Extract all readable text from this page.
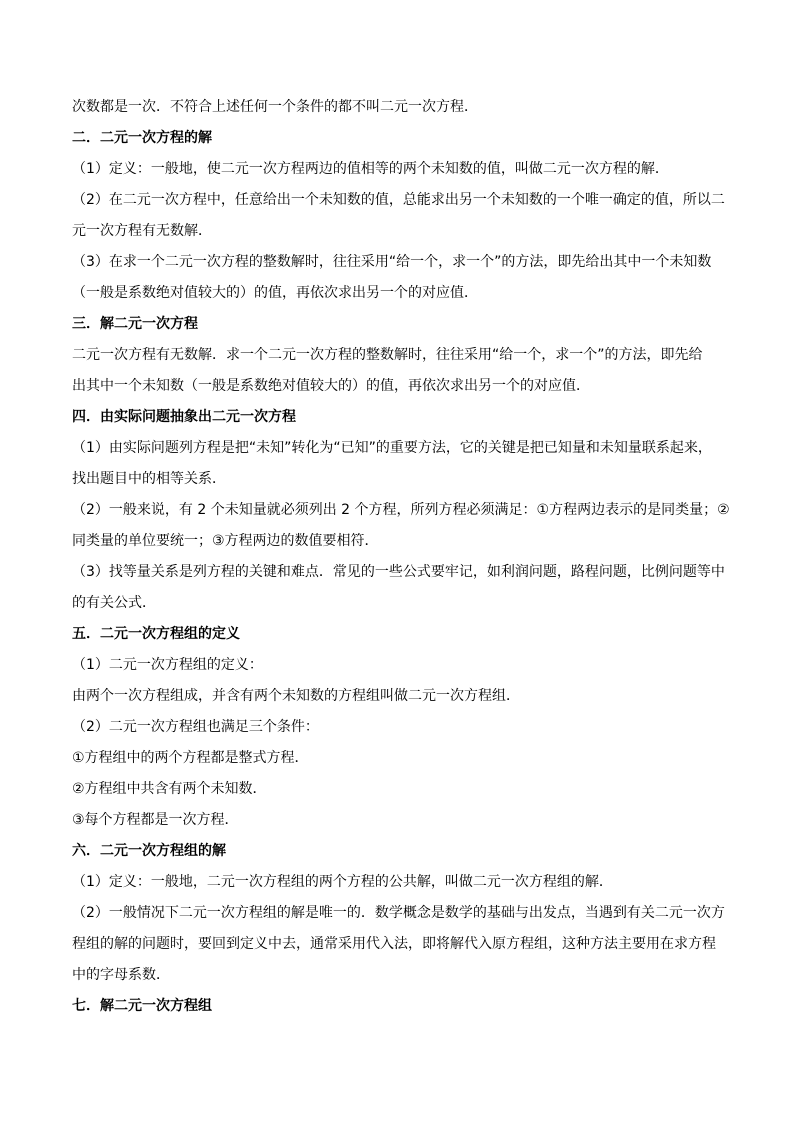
次数都是一次．不符合上述任何一个条件的都不叫二元一次方程．

二．二元一次方程的解

（1）定义：一般地，使二元一次方程两边的值相等的两个未知数的值，叫做二元一次方程的解．

（2）在二元一次方程中，任意给出一个未知数的值，总能求出另一个未知数的一个唯一确定的值，所以二

元一次方程有无数解．

（3）在求一个二元一次方程的整数解时，往往采用“给一个，求一个”的方法，即先给出其中一个未知数

（一般是系数绝对值较大的）的值，再依次求出另一个的对应值．

三．解二元一次方程

二元一次方程有无数解．求一个二元一次方程的整数解时，往往采用“给一个，求一个”的方法，即先给

出其中一个未知数（一般是系数绝对值较大的）的值，再依次求出另一个的对应值．

四．由实际问题抽象出二元一次方程

（1）由实际问题列方程是把“未知”转化为“已知”的重要方法，它的关键是把已知量和未知量联系起来，

找出题目中的相等关系．

（2）一般来说，有 2 个未知量就必须列出 2 个方程，所列方程必须满足：①方程两边表示的是同类量；②

同类量的单位要统一；③方程两边的数值要相符．

（3）找等量关系是列方程的关键和难点．常见的一些公式要牢记，如利润问题，路程问题，比例问题等中

的有关公式．

五．二元一次方程组的定义

（1）二元一次方程组的定义：

由两个一次方程组成，并含有两个未知数的方程组叫做二元一次方程组．

（2）二元一次方程组也满足三个条件：

①方程组中的两个方程都是整式方程．

②方程组中共含有两个未知数．

③每个方程都是一次方程．

六．二元一次方程组的解

（1）定义：一般地，二元一次方程组的两个方程的公共解，叫做二元一次方程组的解．

（2）一般情况下二元一次方程组的解是唯一的．数学概念是数学的基础与出发点，当遇到有关二元一次方

程组的解的问题时，要回到定义中去，通常采用代入法，即将解代入原方程组，这种方法主要用在求方程

中的字母系数．

七．解二元一次方程组
